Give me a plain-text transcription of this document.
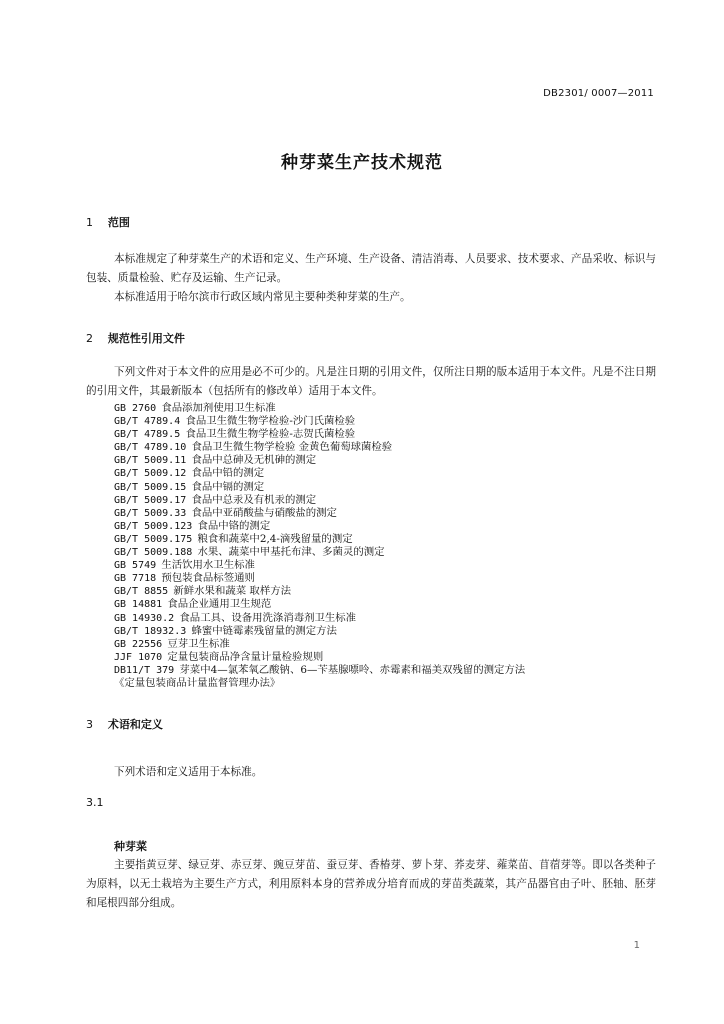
DB2301/ 0007—2011
种芽菜生产技术规范
1 范围
本标准规定了种芽菜生产的术语和定义、生产环境、生产设备、清洁消毒、人员要求、技术要求、产品采收、标识与包装、质量检验、贮存及运输、生产记录。
本标准适用于哈尔滨市行政区域内常见主要种类种芽菜的生产。
2 规范性引用文件
下列文件对于本文件的应用是必不可少的。凡是注日期的引用文件，仅所注日期的版本适用于本文件。凡是不注日期的引用文件，其最新版本（包括所有的修改单）适用于本文件。
GB 2760  食品添加剂使用卫生标准
GB/T 4789.4  食品卫生微生物学检验-沙门氏菌检验
GB/T 4789.5  食品卫生微生物学检验-志贺氏菌检验
GB/T 4789.10  食品卫生微生物学检验 金黄色葡萄球菌检验
GB/T 5009.11  食品中总砷及无机砷的测定
GB/T 5009.12  食品中铅的测定
GB/T 5009.15  食品中镉的测定
GB/T 5009.17  食品中总汞及有机汞的测定
GB/T 5009.33  食品中亚硝酸盐与硝酸盐的测定
GB/T 5009.123  食品中铬的测定
GB/T 5009.175  粮食和蔬菜中2,4-滴残留量的测定
GB/T 5009.188  水果、蔬菜中甲基托布津、多菌灵的测定
GB 5749  生活饮用水卫生标准
GB 7718  预包装食品标签通则
GB/T 8855  新鲜水果和蔬菜 取样方法
GB 14881  食品企业通用卫生规范
GB 14930.2  食品工具、设备用洗涤消毒剂卫生标准
GB/T 18932.3  蜂蜜中链霉素残留量的测定方法
GB 22556  豆芽卫生标准
JJF 1070  定量包装商品净含量计量检验规则
DB11/T 379  芽菜中4—氯苯氧乙酸钠、6—苄基腺嘌呤、赤霉素和福美双残留的测定方法
《定量包装商品计量监督管理办法》
3 术语和定义
下列术语和定义适用于本标准。
3.1
种芽菜
主要指黄豆芽、绿豆芽、赤豆芽、豌豆芽苗、蚕豆芽、香椿芽、萝卜芽、荞麦芽、蕹菜苗、苜蓿芽等。即以各类种子为原料，以无土栽培为主要生产方式，利用原料本身的营养成分培育而成的芽苗类蔬菜，其产品器官由子叶、胚轴、胚芽和尾根四部分组成。
1
